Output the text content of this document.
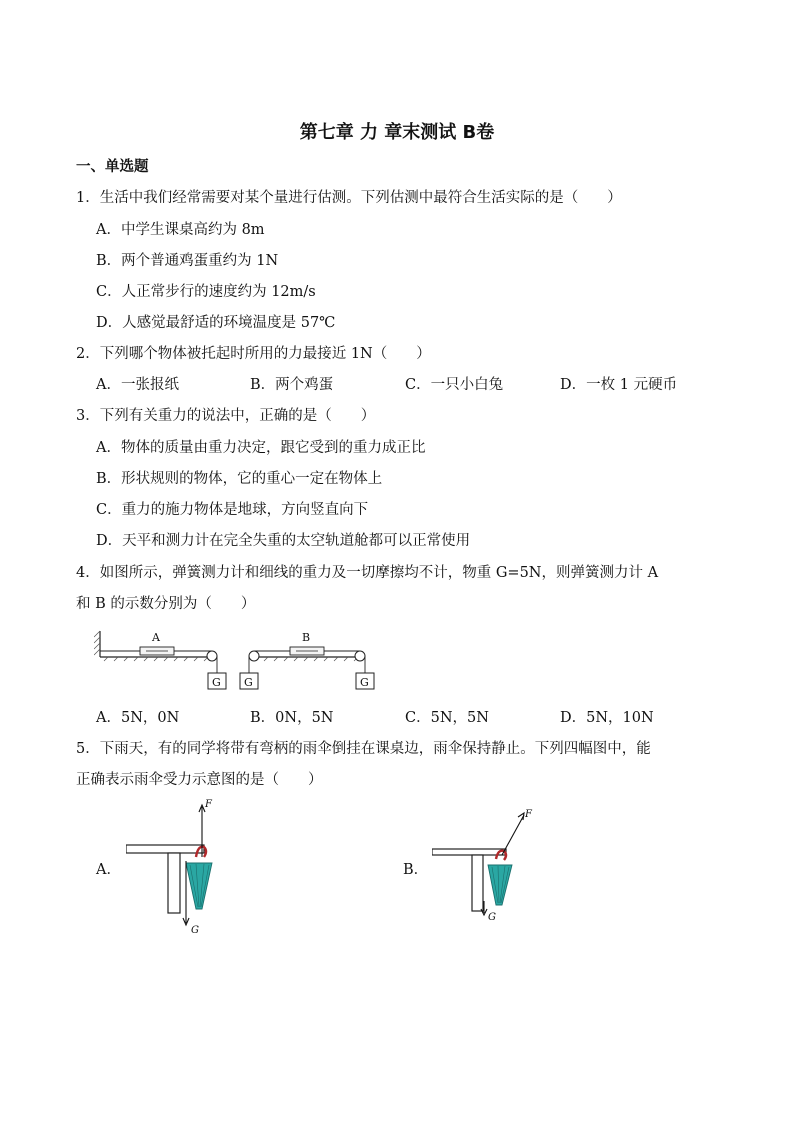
第七章 力 章末测试 B卷
一、单选题
1．生活中我们经常需要对某个量进行估测。下列估测中最符合生活实际的是（　　）
A．中学生课桌高约为 8m
B．两个普通鸡蛋重约为 1N
C．人正常步行的速度约为 12m/s
D．人感觉最舒适的环境温度是 57℃
2．下列哪个物体被托起时所用的力最接近 1N（　　）
A．一张报纸	B．两个鸡蛋	C．一只小白兔	D．一枚 1 元硬币
3．下列有关重力的说法中，正确的是（　　）
A．物体的质量由重力决定，跟它受到的重力成正比
B．形状规则的物体，它的重心一定在物体上
C．重力的施力物体是地球，方向竖直向下
D．天平和测力计在完全失重的太空轨道舱都可以正常使用
4．如图所示，弹簧测力计和细线的重力及一切摩擦均不计，物重 G=5N，则弹簧测力计 A
和 B 的示数分别为（　　）
A
G G
B
G
A．5N，0N	B．0N，5N	C．5N，5N	D．5N，10N
5．下雨天，有的同学将带有弯柄的雨伞倒挂在课桌边，雨伞保持静止。下列四幅图中，能
正确表示雨伞受力示意图的是（　　）
A．
F
G
B．
F
G
